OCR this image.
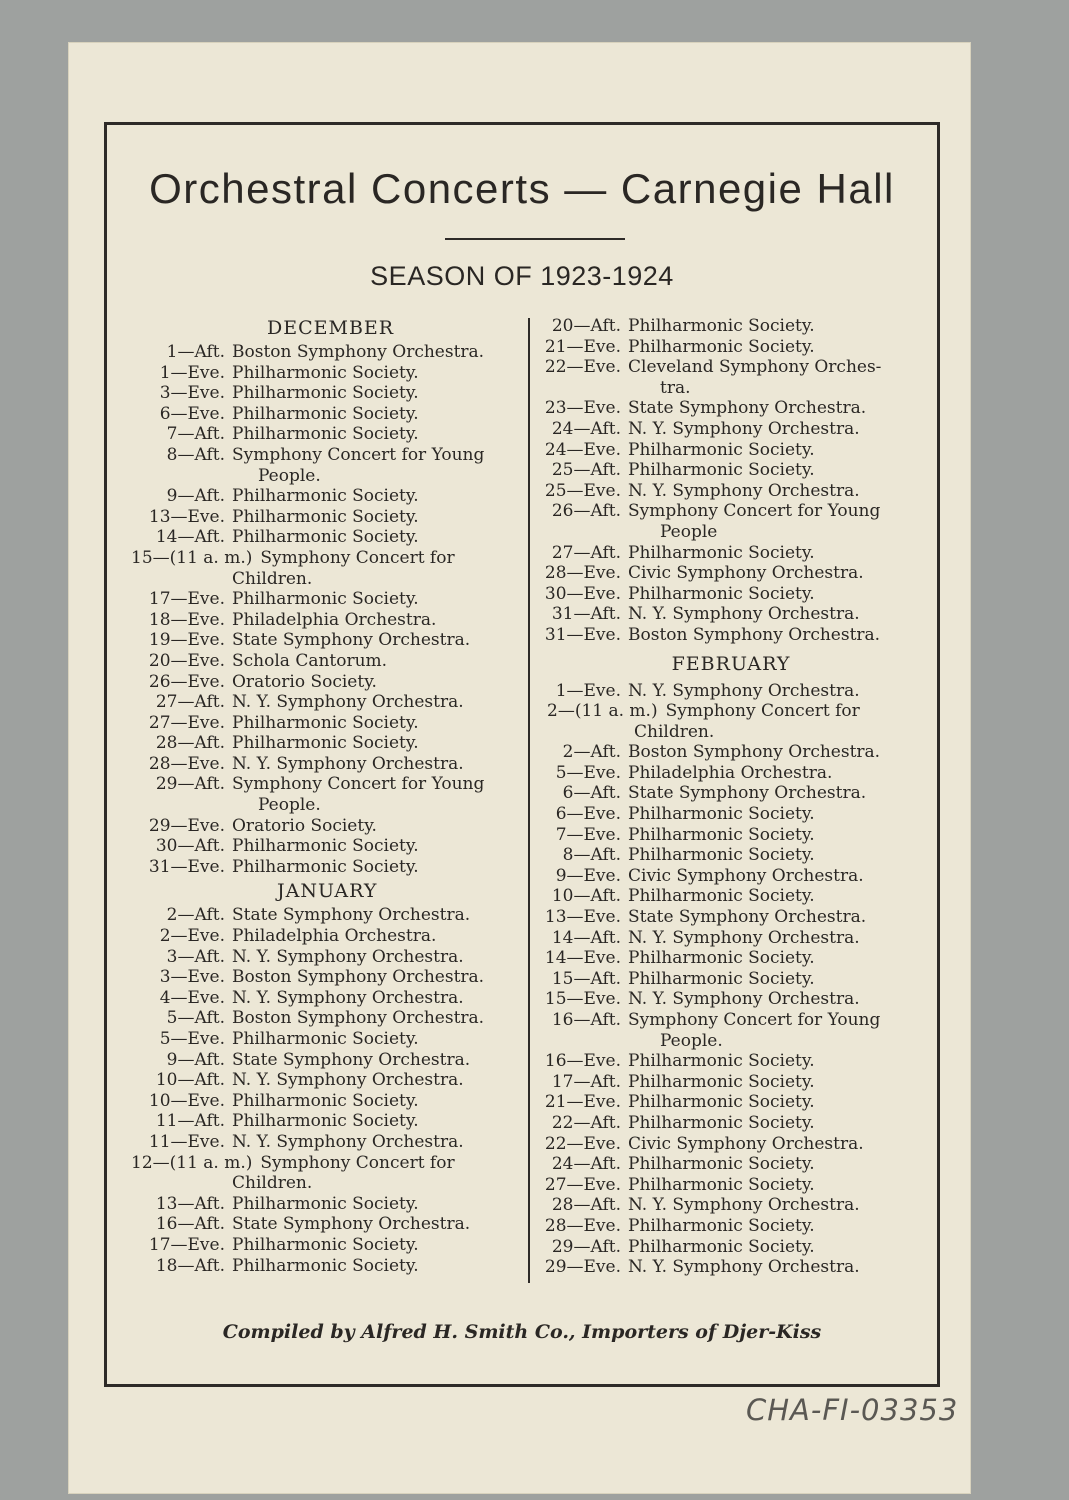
Orchestral Concerts — Carnegie Hall
SEASON OF 1923-1924
DECEMBER
1—Aft. Boston Symphony Orchestra.
1—Eve. Philharmonic Society.
3—Eve. Philharmonic Society.
6—Eve. Philharmonic Society.
7—Aft. Philharmonic Society.
8—Aft. Symphony Concert for Young
People.
9—Aft. Philharmonic Society.
13—Eve. Philharmonic Society.
14—Aft. Philharmonic Society.
15—(11 a. m.) Symphony Concert for
Children.
17—Eve. Philharmonic Society.
18—Eve. Philadelphia Orchestra.
19—Eve. State Symphony Orchestra.
20—Eve. Schola Cantorum.
26—Eve. Oratorio Society.
27—Aft. N. Y. Symphony Orchestra.
27—Eve. Philharmonic Society.
28—Aft. Philharmonic Society.
28—Eve. N. Y. Symphony Orchestra.
29—Aft. Symphony Concert for Young
People.
29—Eve. Oratorio Society.
30—Aft. Philharmonic Society.
31—Eve. Philharmonic Society.
JANUARY
2—Aft. State Symphony Orchestra.
2—Eve. Philadelphia Orchestra.
3—Aft. N. Y. Symphony Orchestra.
3—Eve. Boston Symphony Orchestra.
4—Eve. N. Y. Symphony Orchestra.
5—Aft. Boston Symphony Orchestra.
5—Eve. Philharmonic Society.
9—Aft. State Symphony Orchestra.
10—Aft. N. Y. Symphony Orchestra.
10—Eve. Philharmonic Society.
11—Aft. Philharmonic Society.
11—Eve. N. Y. Symphony Orchestra.
12—(11 a. m.) Symphony Concert for
Children.
13—Aft. Philharmonic Society.
16—Aft. State Symphony Orchestra.
17—Eve. Philharmonic Society.
18—Aft. Philharmonic Society.
20—Aft. Philharmonic Society.
21—Eve. Philharmonic Society.
22—Eve. Cleveland Symphony Orches-
tra.
23—Eve. State Symphony Orchestra.
24—Aft. N. Y. Symphony Orchestra.
24—Eve. Philharmonic Society.
25—Aft. Philharmonic Society.
25—Eve. N. Y. Symphony Orchestra.
26—Aft. Symphony Concert for Young
People
27—Aft. Philharmonic Society.
28—Eve. Civic Symphony Orchestra.
30—Eve. Philharmonic Society.
31—Aft. N. Y. Symphony Orchestra.
31—Eve. Boston Symphony Orchestra.
FEBRUARY
1—Eve. N. Y. Symphony Orchestra.
2—(11 a. m.) Symphony Concert for
Children.
2—Aft. Boston Symphony Orchestra.
5—Eve. Philadelphia Orchestra.
6—Aft. State Symphony Orchestra.
6—Eve. Philharmonic Society.
7—Eve. Philharmonic Society.
8—Aft. Philharmonic Society.
9—Eve. Civic Symphony Orchestra.
10—Aft. Philharmonic Society.
13—Eve. State Symphony Orchestra.
14—Aft. N. Y. Symphony Orchestra.
14—Eve. Philharmonic Society.
15—Aft. Philharmonic Society.
15—Eve. N. Y. Symphony Orchestra.
16—Aft. Symphony Concert for Young
People.
16—Eve. Philharmonic Society.
17—Aft. Philharmonic Society.
21—Eve. Philharmonic Society.
22—Aft. Philharmonic Society.
22—Eve. Civic Symphony Orchestra.
24—Aft. Philharmonic Society.
27—Eve. Philharmonic Society.
28—Aft. N. Y. Symphony Orchestra.
28—Eve. Philharmonic Society.
29—Aft. Philharmonic Society.
29—Eve. N. Y. Symphony Orchestra.
Compiled by Alfred H. Smith Co., Importers of Djer-Kiss
CHA-FI-03353
